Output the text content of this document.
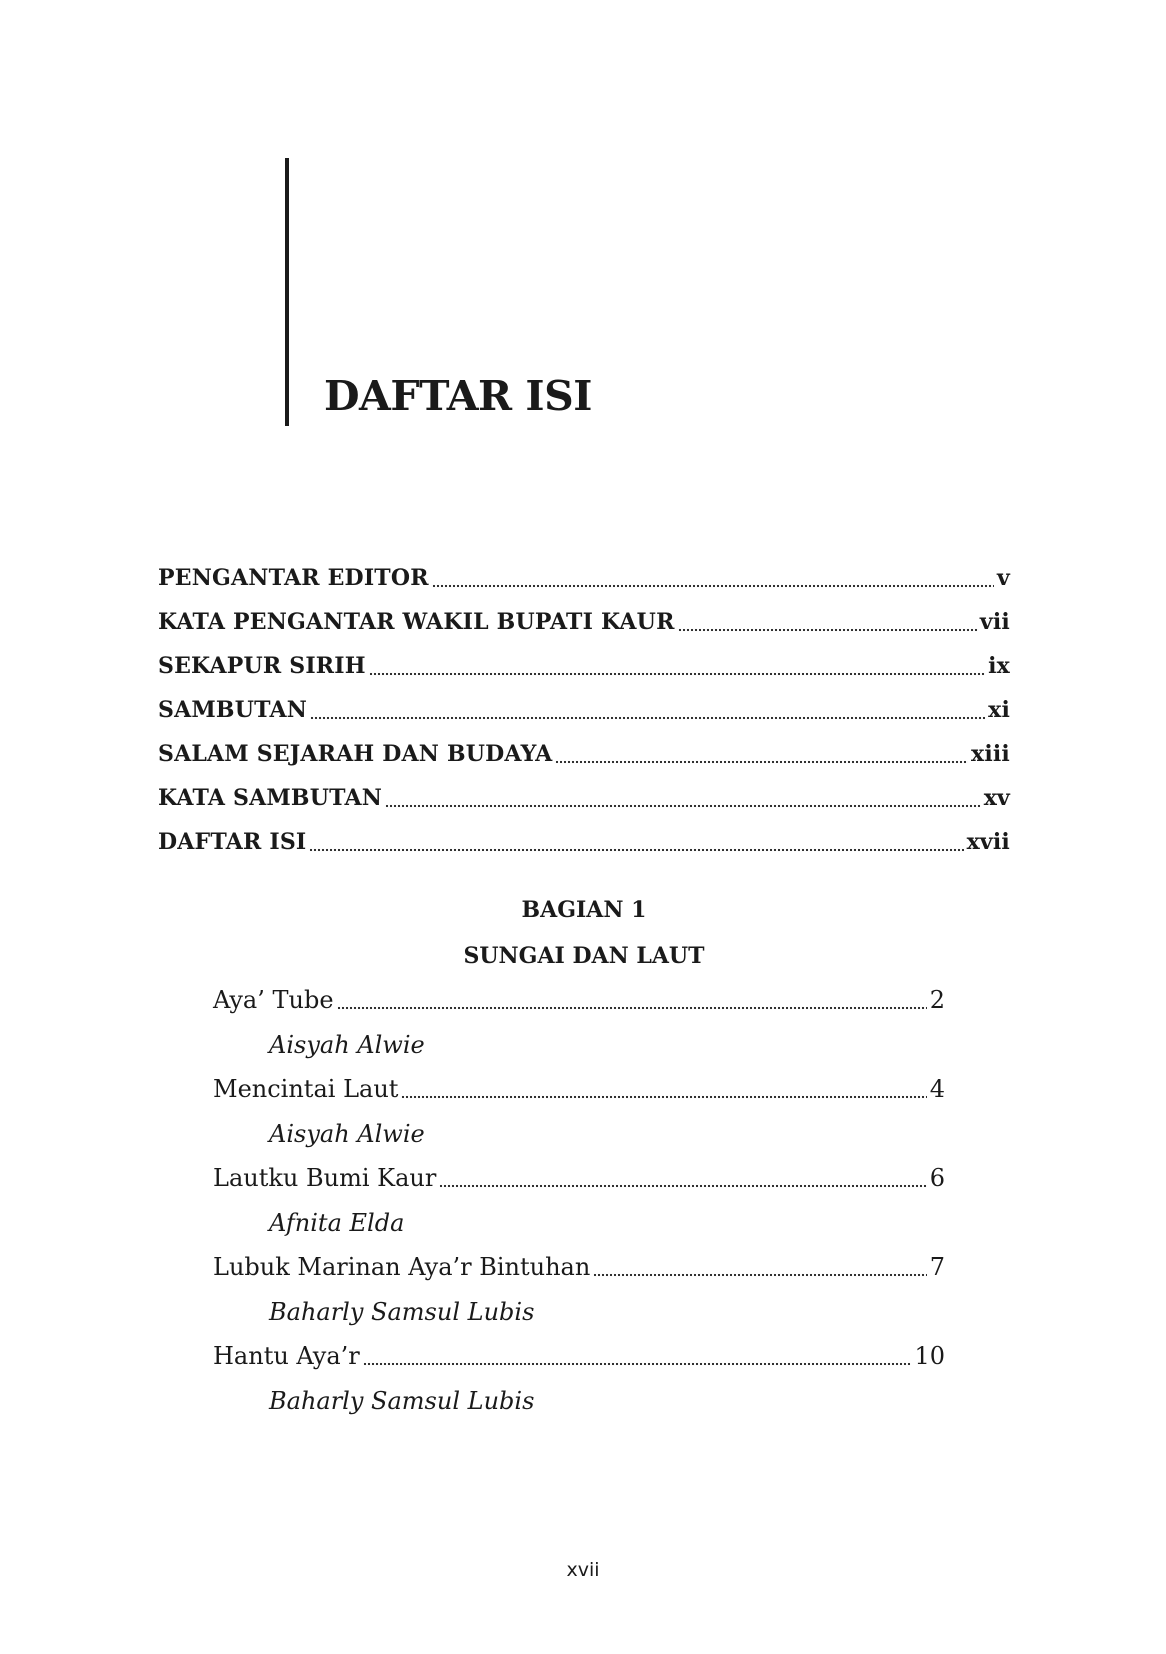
DAFTAR ISI
PENGANTAR EDITOR	v
KATA PENGANTAR WAKIL BUPATI KAUR	vii
SEKAPUR SIRIH	ix
SAMBUTAN	xi
SALAM SEJARAH DAN BUDAYA	xiii
KATA SAMBUTAN	xv
DAFTAR ISI	xvii
BAGIAN 1
SUNGAI DAN LAUT
Aya’ Tube	2
Aisyah Alwie
Mencintai Laut	4
Aisyah Alwie
Lautku Bumi Kaur	6
Afnita Elda
Lubuk Marinan Aya’r Bintuhan	7
Baharly Samsul Lubis
Hantu Aya’r	10
Baharly Samsul Lubis
xvii
